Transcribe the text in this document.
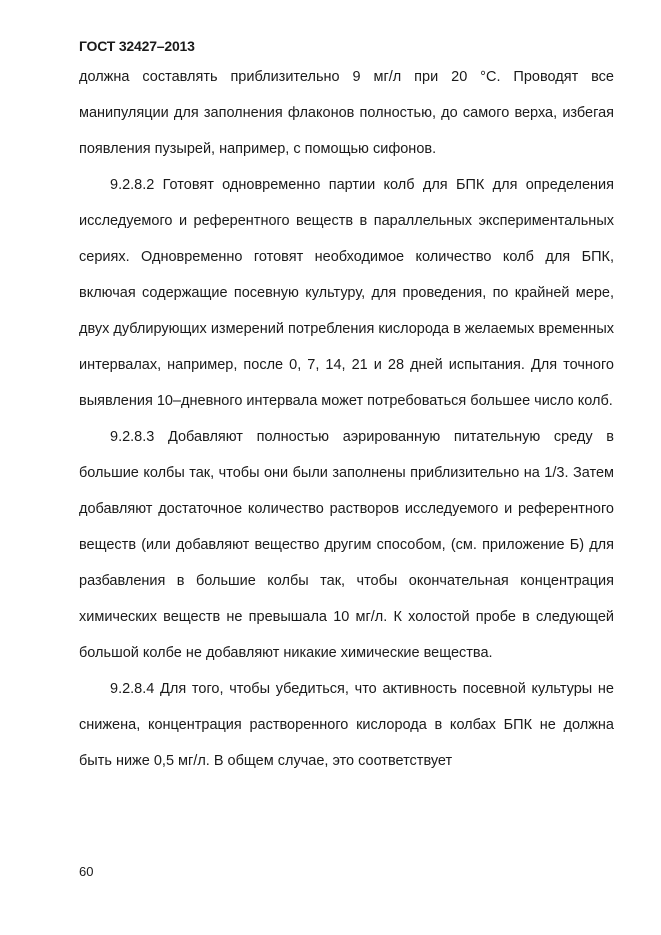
ГОСТ 32427–2013

должна составлять приблизительно 9 мг/л при 20 °C. Проводят все манипуляции для заполнения флаконов полностью, до самого верха, избегая появления пузырей, например, с помощью сифонов.

9.2.8.2 Готовят одновременно партии колб для БПК для определения исследуемого и референтного веществ в параллельных экспериментальных сериях. Одновременно готовят необходимое количество колб для БПК, включая содержащие посевную культуру, для проведения, по крайней мере, двух дублирующих измерений потребления кислорода в желаемых временных интервалах, например, после 0, 7, 14, 21 и 28 дней испытания. Для точного выявления 10–дневного интервала может потребоваться большее число колб.

9.2.8.3 Добавляют полностью аэрированную питательную среду в большие колбы так, чтобы они были заполнены приблизительно на 1/3. Затем добавляют достаточное количество растворов исследуемого и референтного веществ (или добавляют вещество другим способом, (см. приложение Б) для разбавления в большие колбы так, чтобы окончательная концентрация химических веществ не превышала 10 мг/л. К холостой пробе в следующей большой колбе не добавляют никакие химические вещества.

9.2.8.4 Для того, чтобы убедиться, что активность посевной культуры не снижена, концентрация растворенного кислорода в колбах БПК не должна быть ниже 0,5 мг/л. В общем случае, это соответствует

60
